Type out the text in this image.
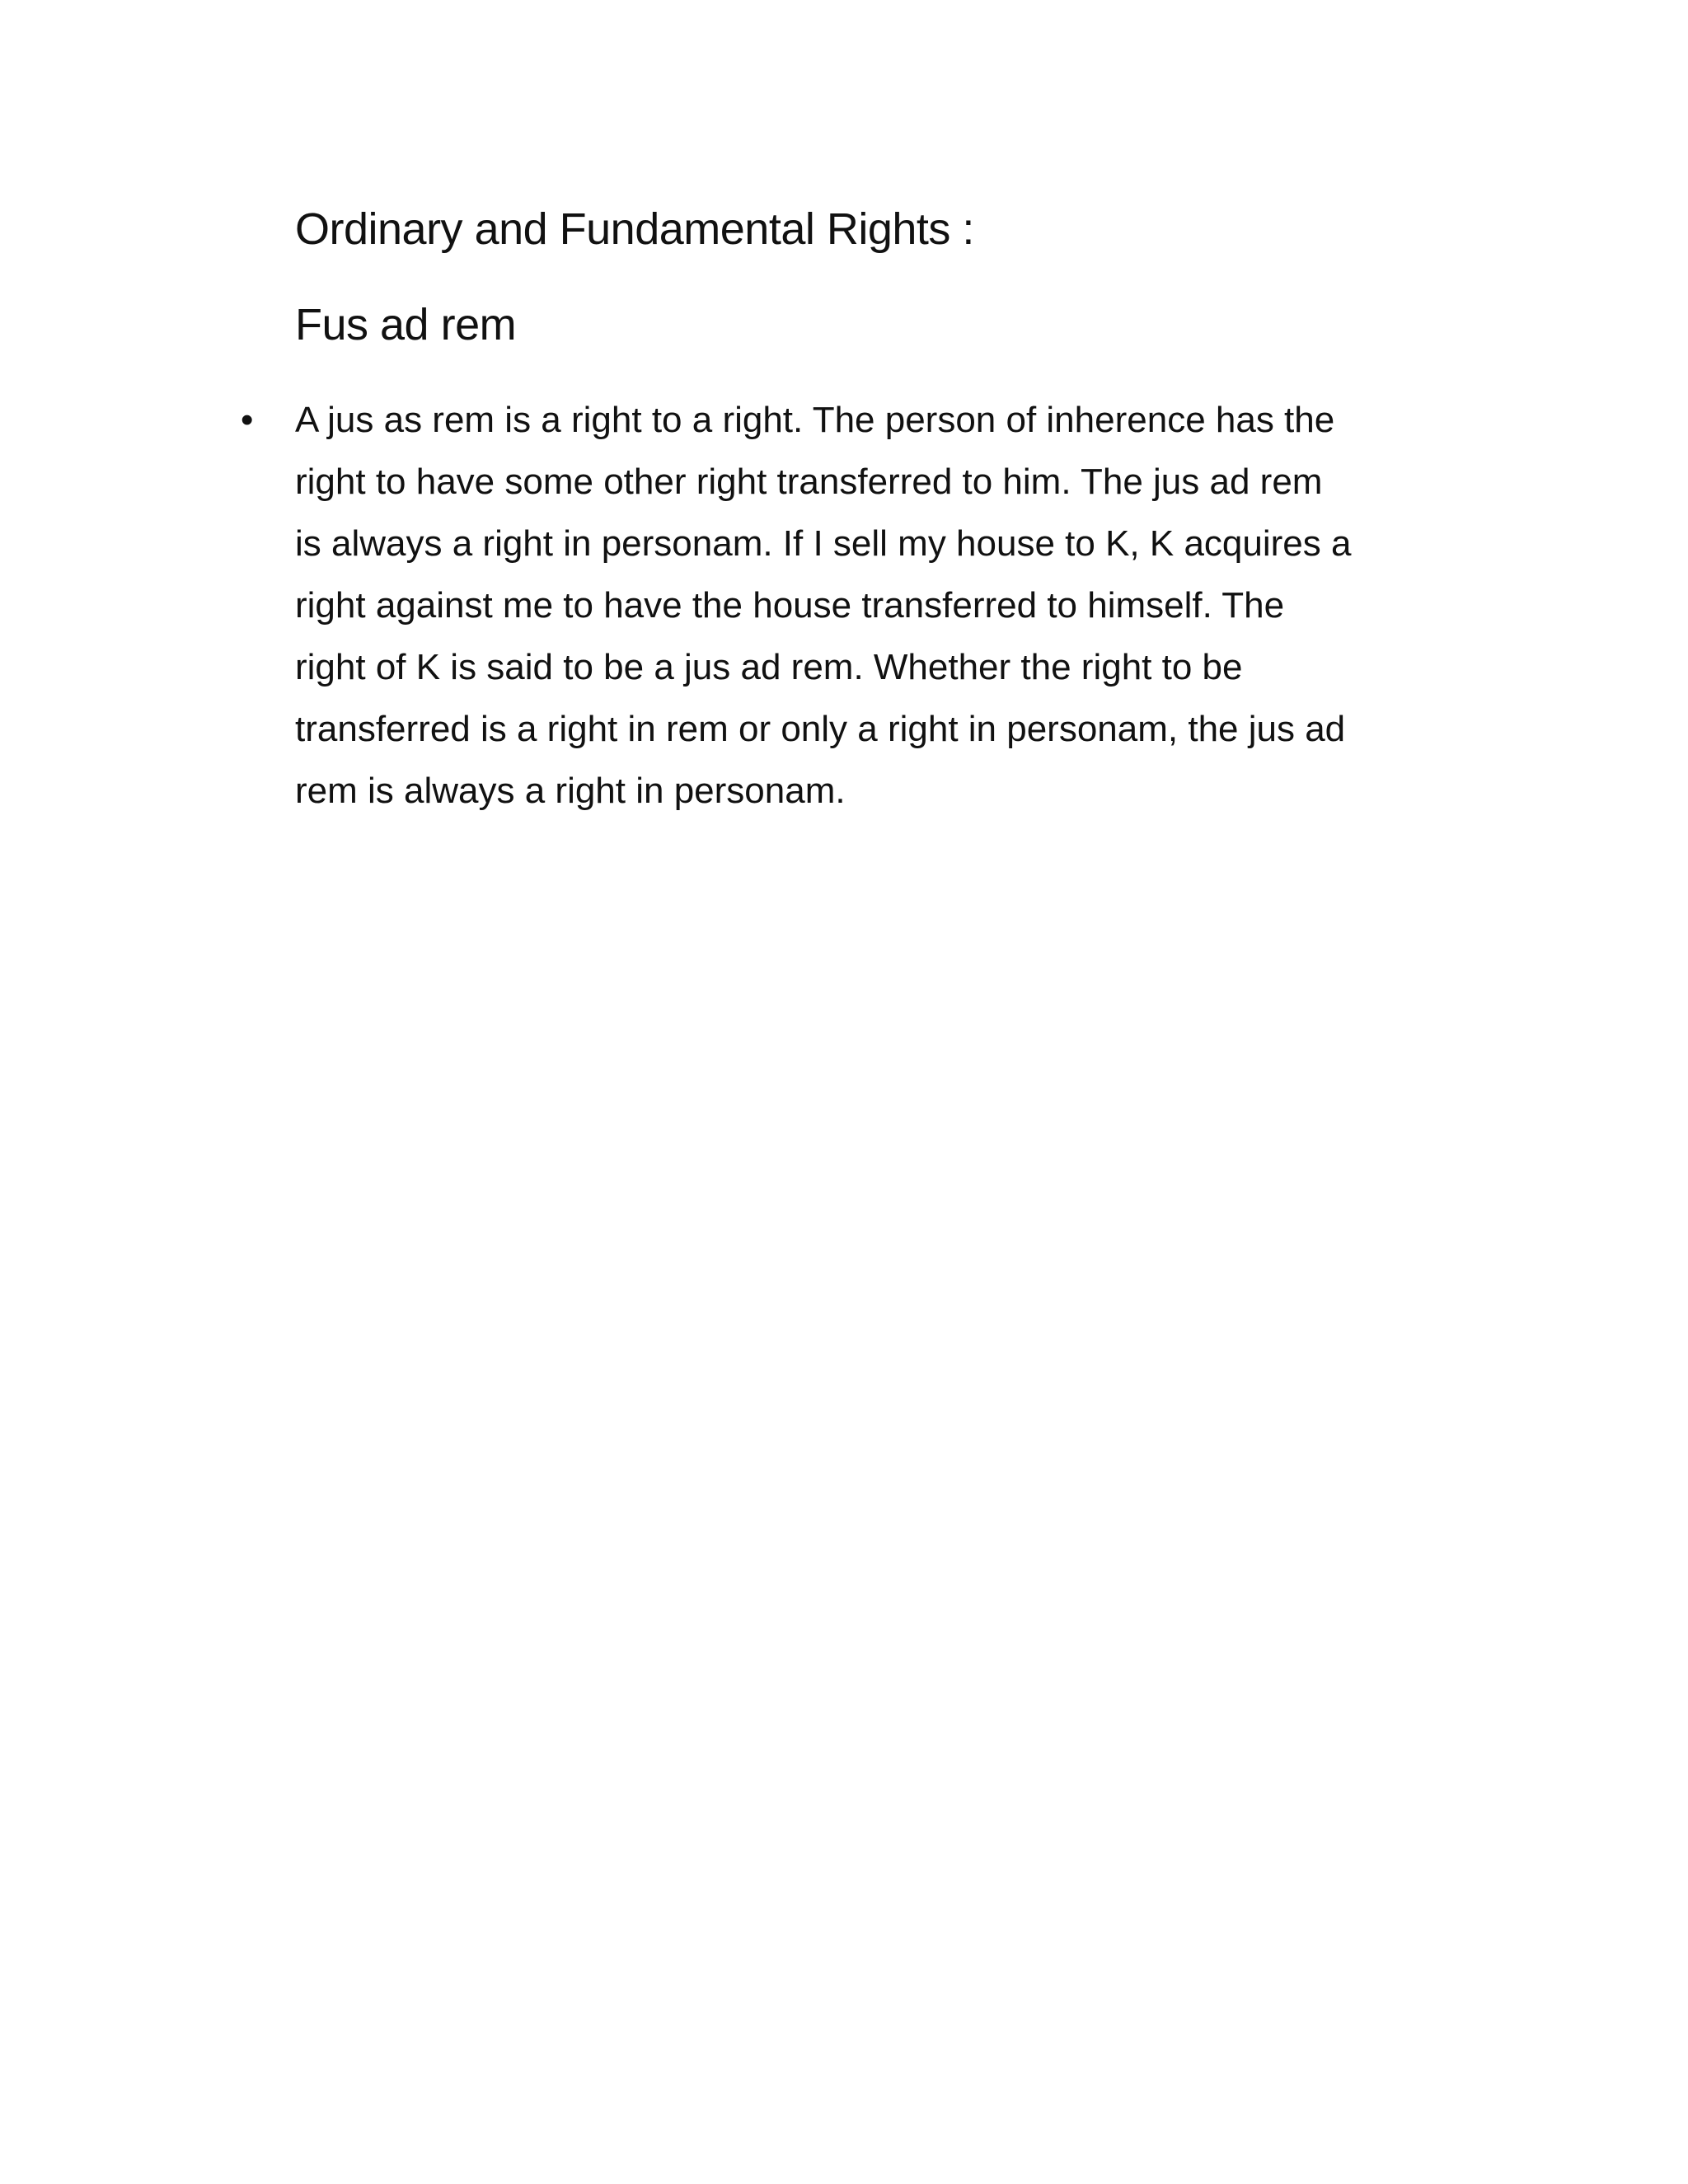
Ordinary and Fundamental Rights :
Fus ad rem
• A jus as rem is a right to a right. The person of inherence has the
right to have some other right transferred to him. The jus ad rem
is always a right in personam. If I sell my house to K, K acquires a
right against me to have the house transferred to himself. The
right of K is said to be a jus ad rem. Whether the right to be
transferred is a right in rem or only a right in personam, the jus ad
rem is always a right in personam.
